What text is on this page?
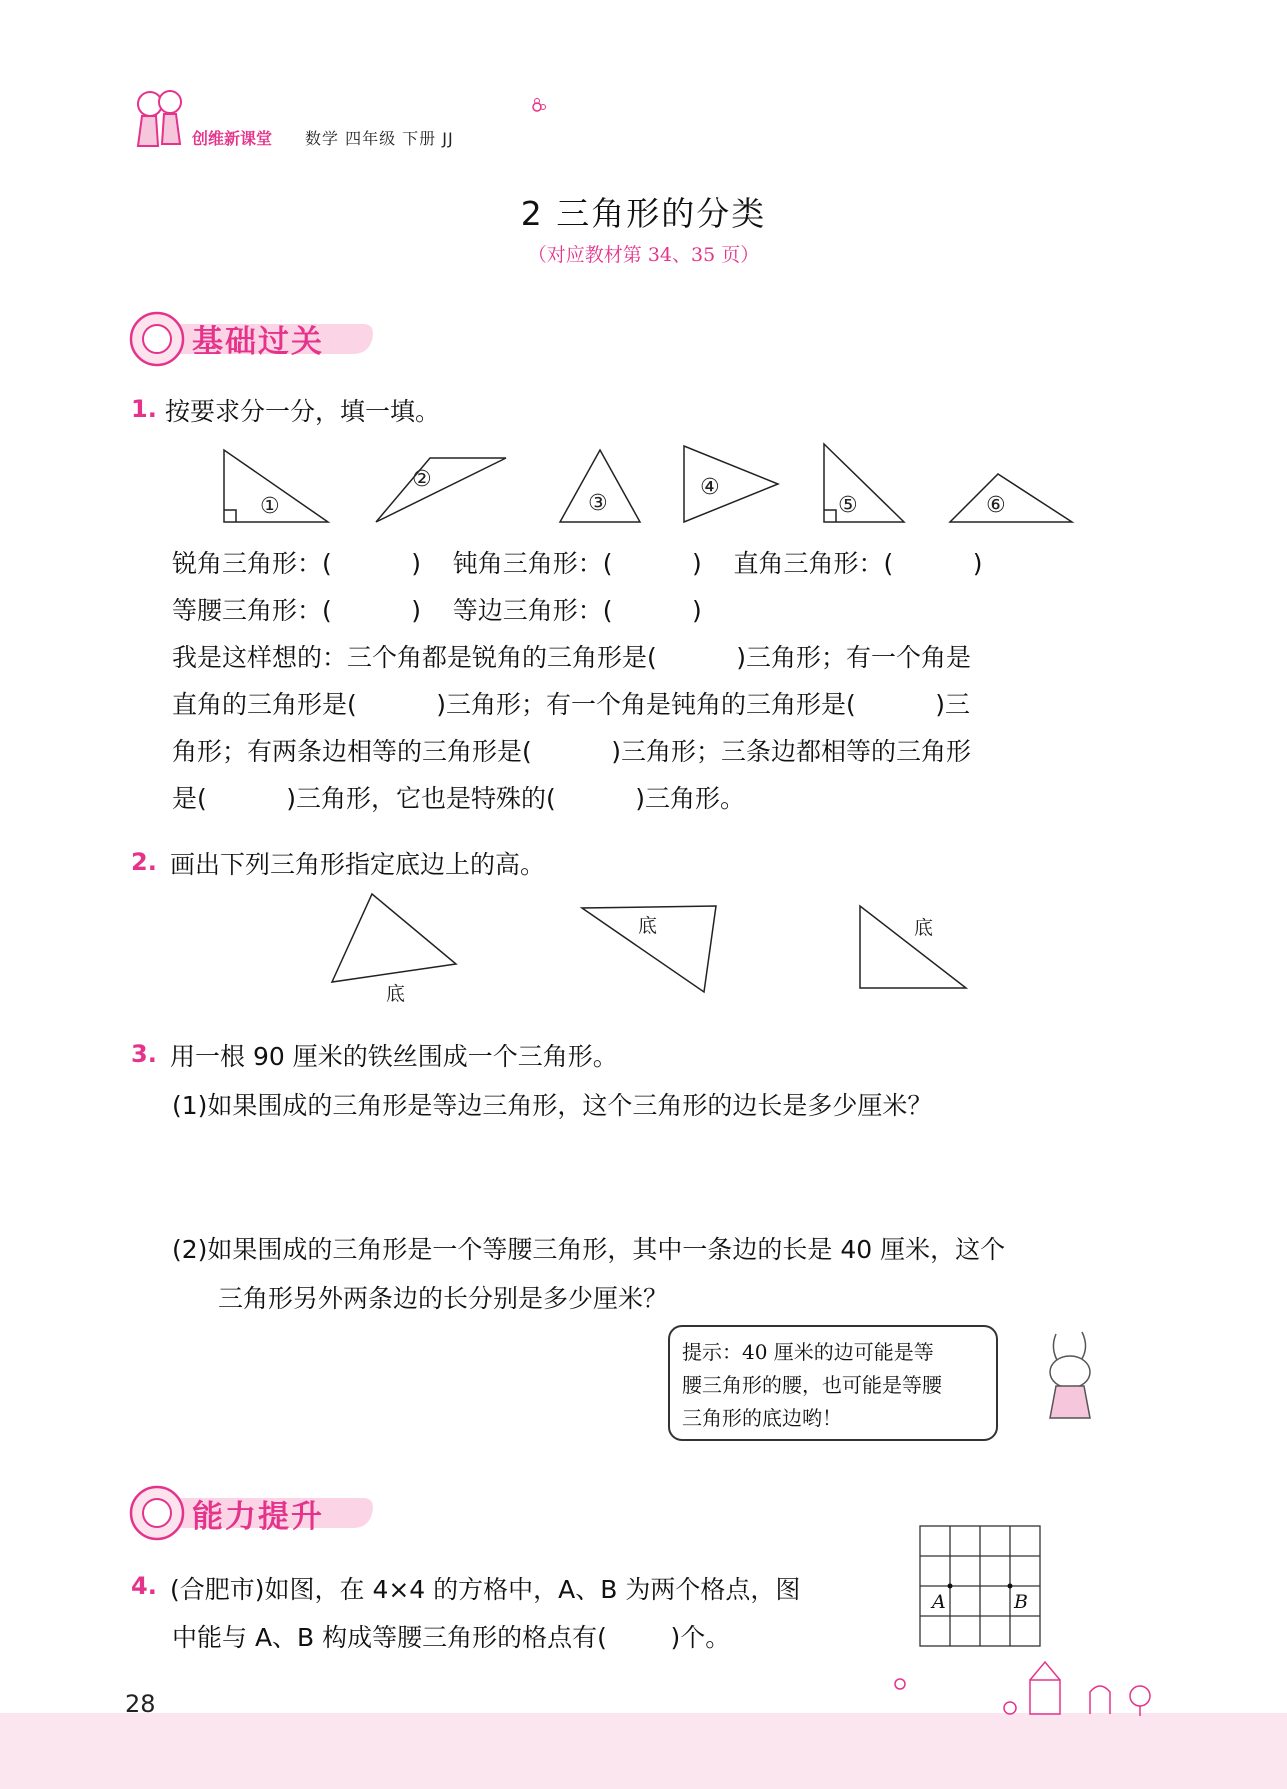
创维新课堂 数学 四年级 下册 JJ
2 三角形的分类
（对应教材第 34、35 页）
基础过关
1. 按要求分一分，填一填。
①
②
③
④
⑤	⑥
锐角三角形：(          )    钝角三角形：(          )    直角三角形：(          )
等腰三角形：(          )    等边三角形：(          )
我是这样想的：三个角都是锐角的三角形是(          )三角形；有一个角是
直角的三角形是(          )三角形；有一个角是钝角的三角形是(          )三
角形；有两条边相等的三角形是(          )三角形；三条边都相等的三角形
是(          )三角形，它也是特殊的(          )三角形。
2. 画出下列三角形指定底边上的高。
底
底	底
3. 用一根 90 厘米的铁丝围成一个三角形。
(1)如果围成的三角形是等边三角形，这个三角形的边长是多少厘米？
(2)如果围成的三角形是一个等腰三角形，其中一条边的长是 40 厘米，这个
三角形另外两条边的长分别是多少厘米？
提示：40 厘米的边可能是等
腰三角形的腰，也可能是等腰
三角形的底边哟！
能力提升
4. (合肥市)如图，在 4×4 的方格中，A、B 为两个格点，图
中能与 A、B 构成等腰三角形的格点有(        )个。
A	B
28
